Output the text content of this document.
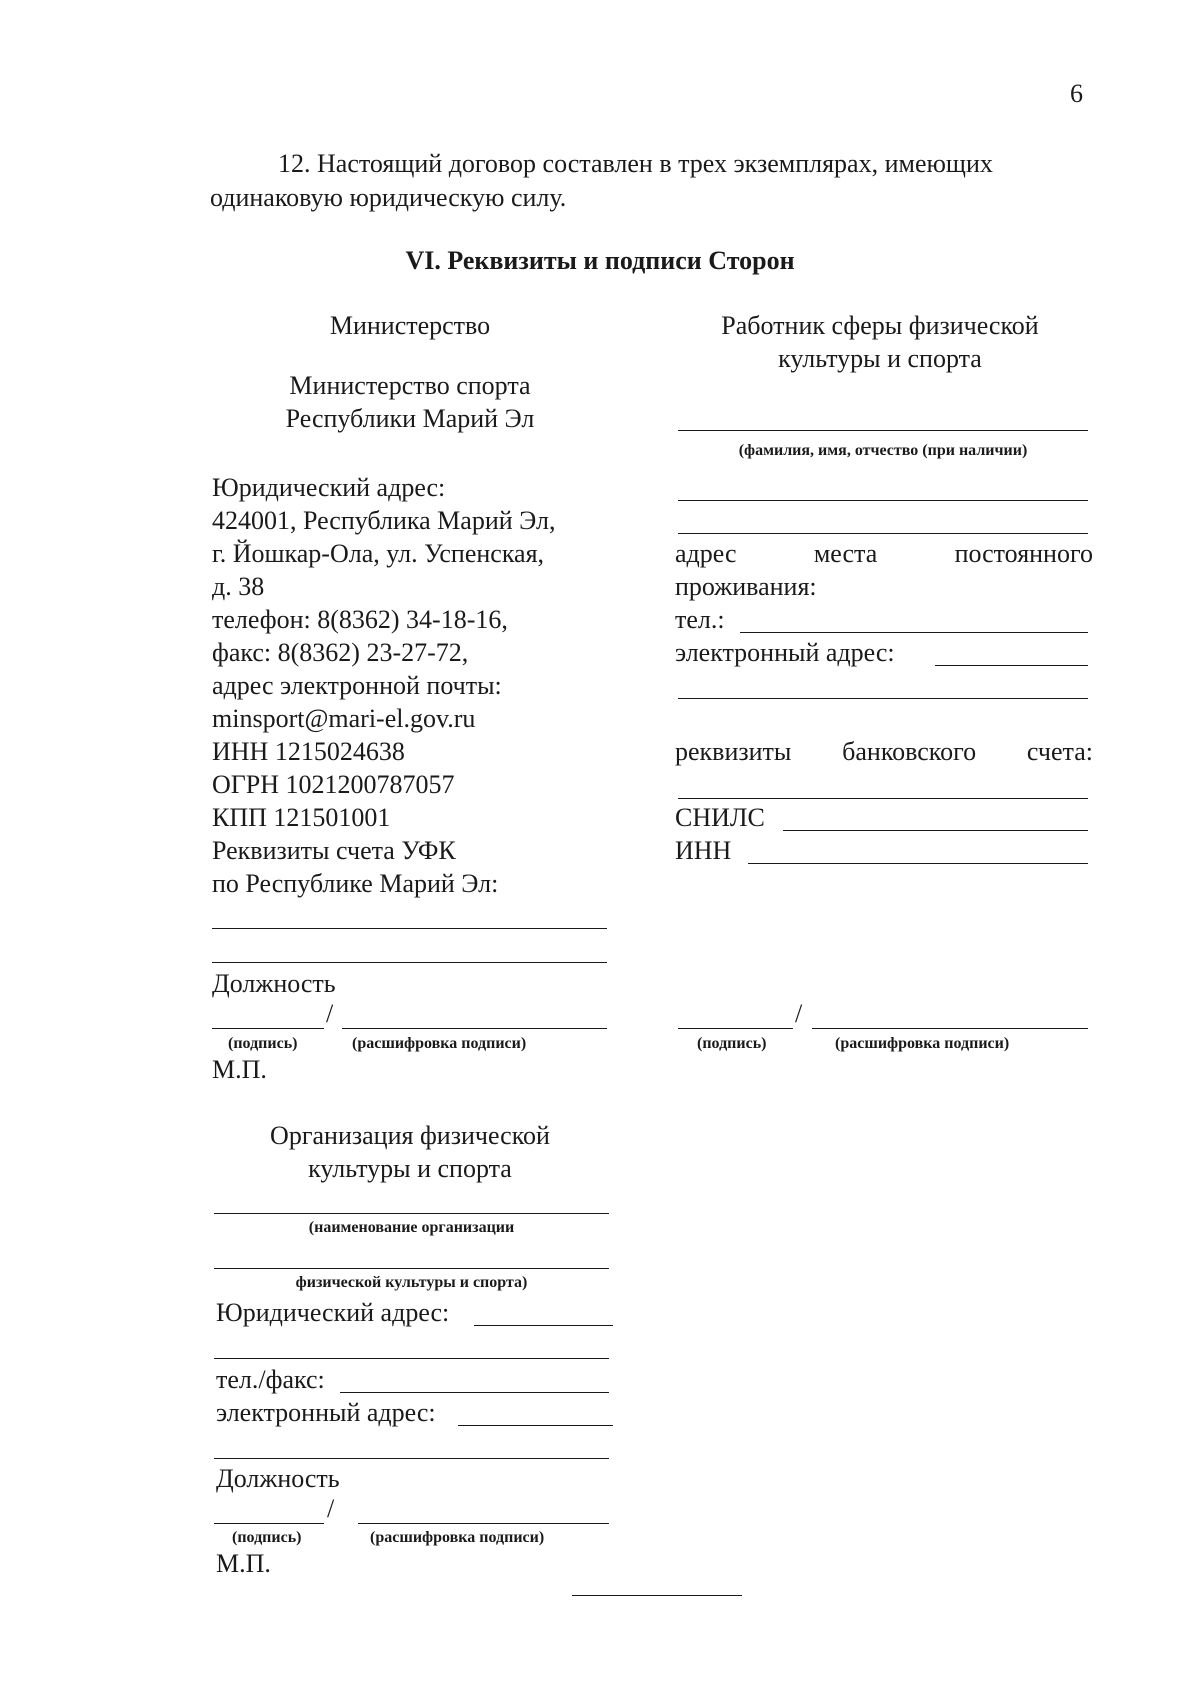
6
12. Настоящий договор составлен в трех экземплярах, имеющих
одинаковую юридическую силу.
VI. Реквизиты и подписи Сторон
Министерство
Министерство спорта
Республики Марий Эл
Юридический адрес:
424001, Республика Марий Эл,
г. Йошкар-Ола, ул. Успенская,
д. 38
телефон: 8(8362) 34-18-16,
факс: 8(8362) 23-27-72,
адрес электронной почты:
minsport@mari-el.gov.ru
ИНН 1215024638
ОГРН 1021200787057
КПП 121501001
Реквизиты счета УФК
по Республике Марий Эл:
Должность
/
(подпись)	(расшифровка подписи)
М.П.
Работник сферы физической
культуры и спорта
(фамилия, имя, отчество (при наличии)
адрес	места	постоянного
проживания:
тел.:
электронный адрес:
реквизиты банковского счета:
СНИЛС
ИНН
/
(подпись)	(расшифровка подписи)
Организация физической
культуры и спорта
(наименование организации
физической культуры и спорта)
Юридический адрес:
тел./факс:
электронный адрес:
Должность
/
(подпись)	(расшифровка подписи)
М.П.
